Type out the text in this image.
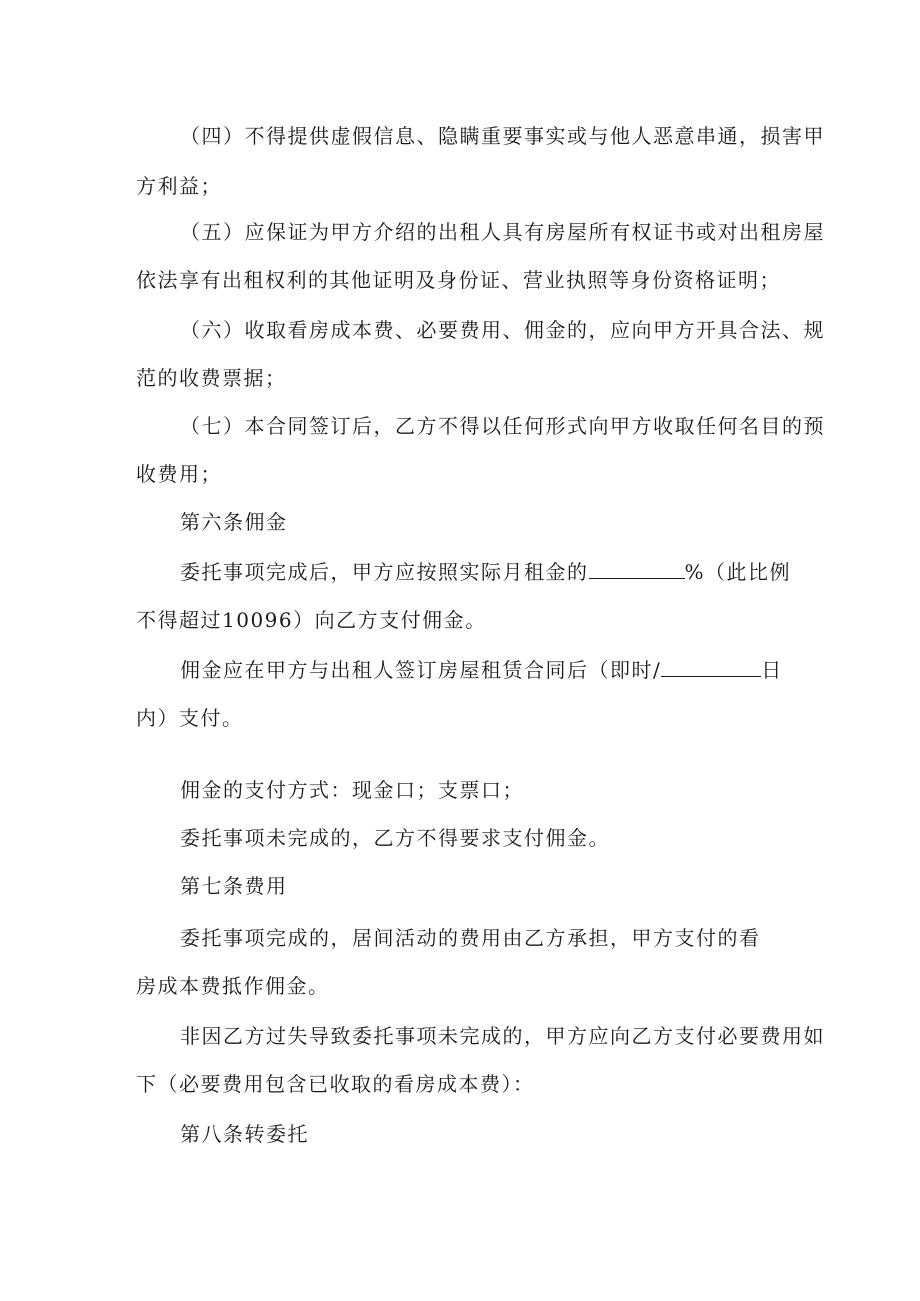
（四）不得提供虚假信息、隐瞒重要事实或与他人恶意串通，损害甲
方利益；
（五）应保证为甲方介绍的出租人具有房屋所有权证书或对出租房屋
依法享有出租权利的其他证明及身份证、营业执照等身份资格证明；
（六）收取看房成本费、必要费用、佣金的，应向甲方开具合法、规
范的收费票据；
（七）本合同签订后，乙方不得以任何形式向甲方收取任何名目的预
收费用；
第六条佣金
委托事项完成后，甲方应按照实际月租金的	%（此比例
不得超过10096）向乙方支付佣金。
佣金应在甲方与出租人签订房屋租赁合同后（即时/	日
内）支付。
佣金的支付方式：现金口；支票口；
委托事项未完成的，乙方不得要求支付佣金。
第七条费用
委托事项完成的，居间活动的费用由乙方承担，甲方支付的看
房成本费抵作佣金。
非因乙方过失导致委托事项未完成的，甲方应向乙方支付必要费用如
下（必要费用包含已收取的看房成本费）：
第八条转委托
